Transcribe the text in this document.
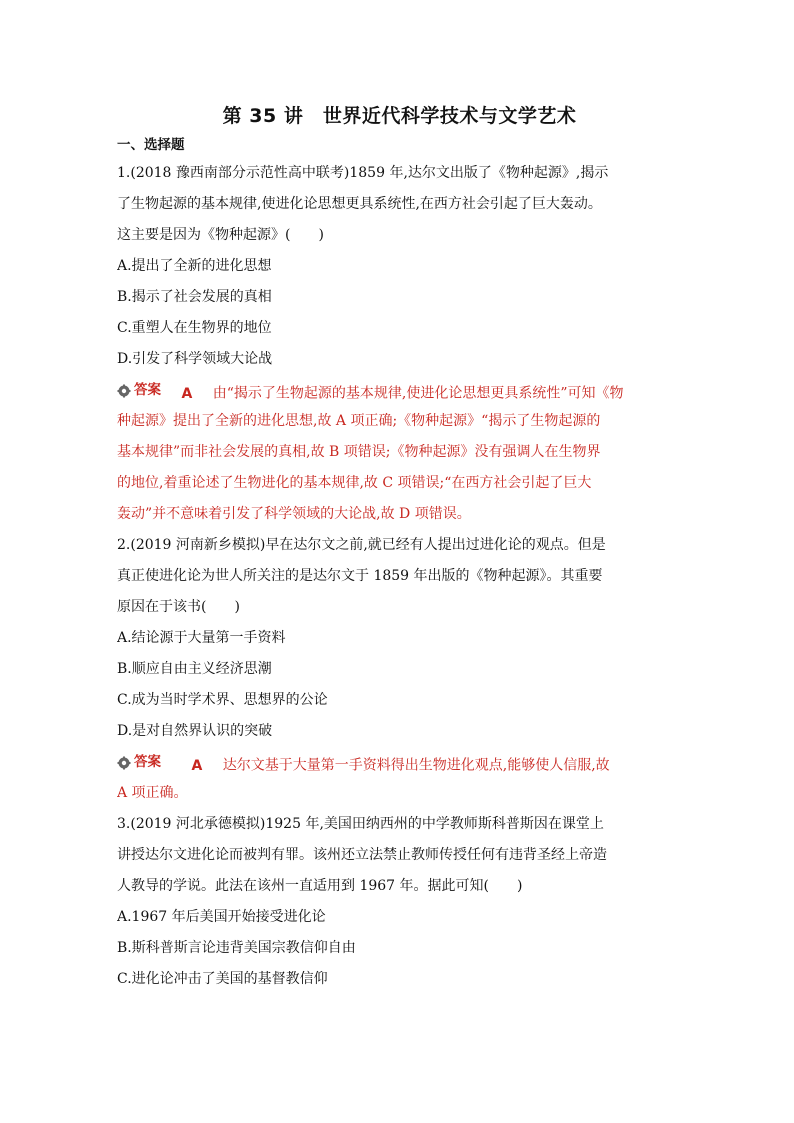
第 35 讲　世界近代科学技术与文学艺术
一、选择题
1.(2018 豫西南部分示范性高中联考)1859 年,达尔文出版了《物种起源》,揭示
了生物起源的基本规律,使进化论思想更具系统性,在西方社会引起了巨大轰动。
这主要是因为《物种起源》(　　)
A.提出了全新的进化思想
B.揭示了社会发展的真相
C.重塑人在生物界的地位
D.引发了科学领域大论战
答案 A 由“揭示了生物起源的基本规律,使进化论思想更具系统性”可知《物
种起源》提出了全新的进化思想,故 A 项正确;《物种起源》“揭示了生物起源的
基本规律”而非社会发展的真相,故 B 项错误;《物种起源》没有强调人在生物界
的地位,着重论述了生物进化的基本规律,故 C 项错误;“在西方社会引起了巨大
轰动”并不意味着引发了科学领域的大论战,故 D 项错误。
2.(2019 河南新乡模拟)早在达尔文之前,就已经有人提出过进化论的观点。但是
真正使进化论为世人所关注的是达尔文于 1859 年出版的《物种起源》。其重要
原因在于该书(　　)
A.结论源于大量第一手资料
B.顺应自由主义经济思潮
C.成为当时学术界、思想界的公论
D.是对自然界认识的突破
答案 A 达尔文基于大量第一手资料得出生物进化观点,能够使人信服,故
A 项正确。
3.(2019 河北承德模拟)1925 年,美国田纳西州的中学教师斯科普斯因在课堂上
讲授达尔文进化论而被判有罪。该州还立法禁止教师传授任何有违背圣经上帝造
人教导的学说。此法在该州一直适用到 1967 年。据此可知(　　)
A.1967 年后美国开始接受进化论
B.斯科普斯言论违背美国宗教信仰自由
C.进化论冲击了美国的基督教信仰
